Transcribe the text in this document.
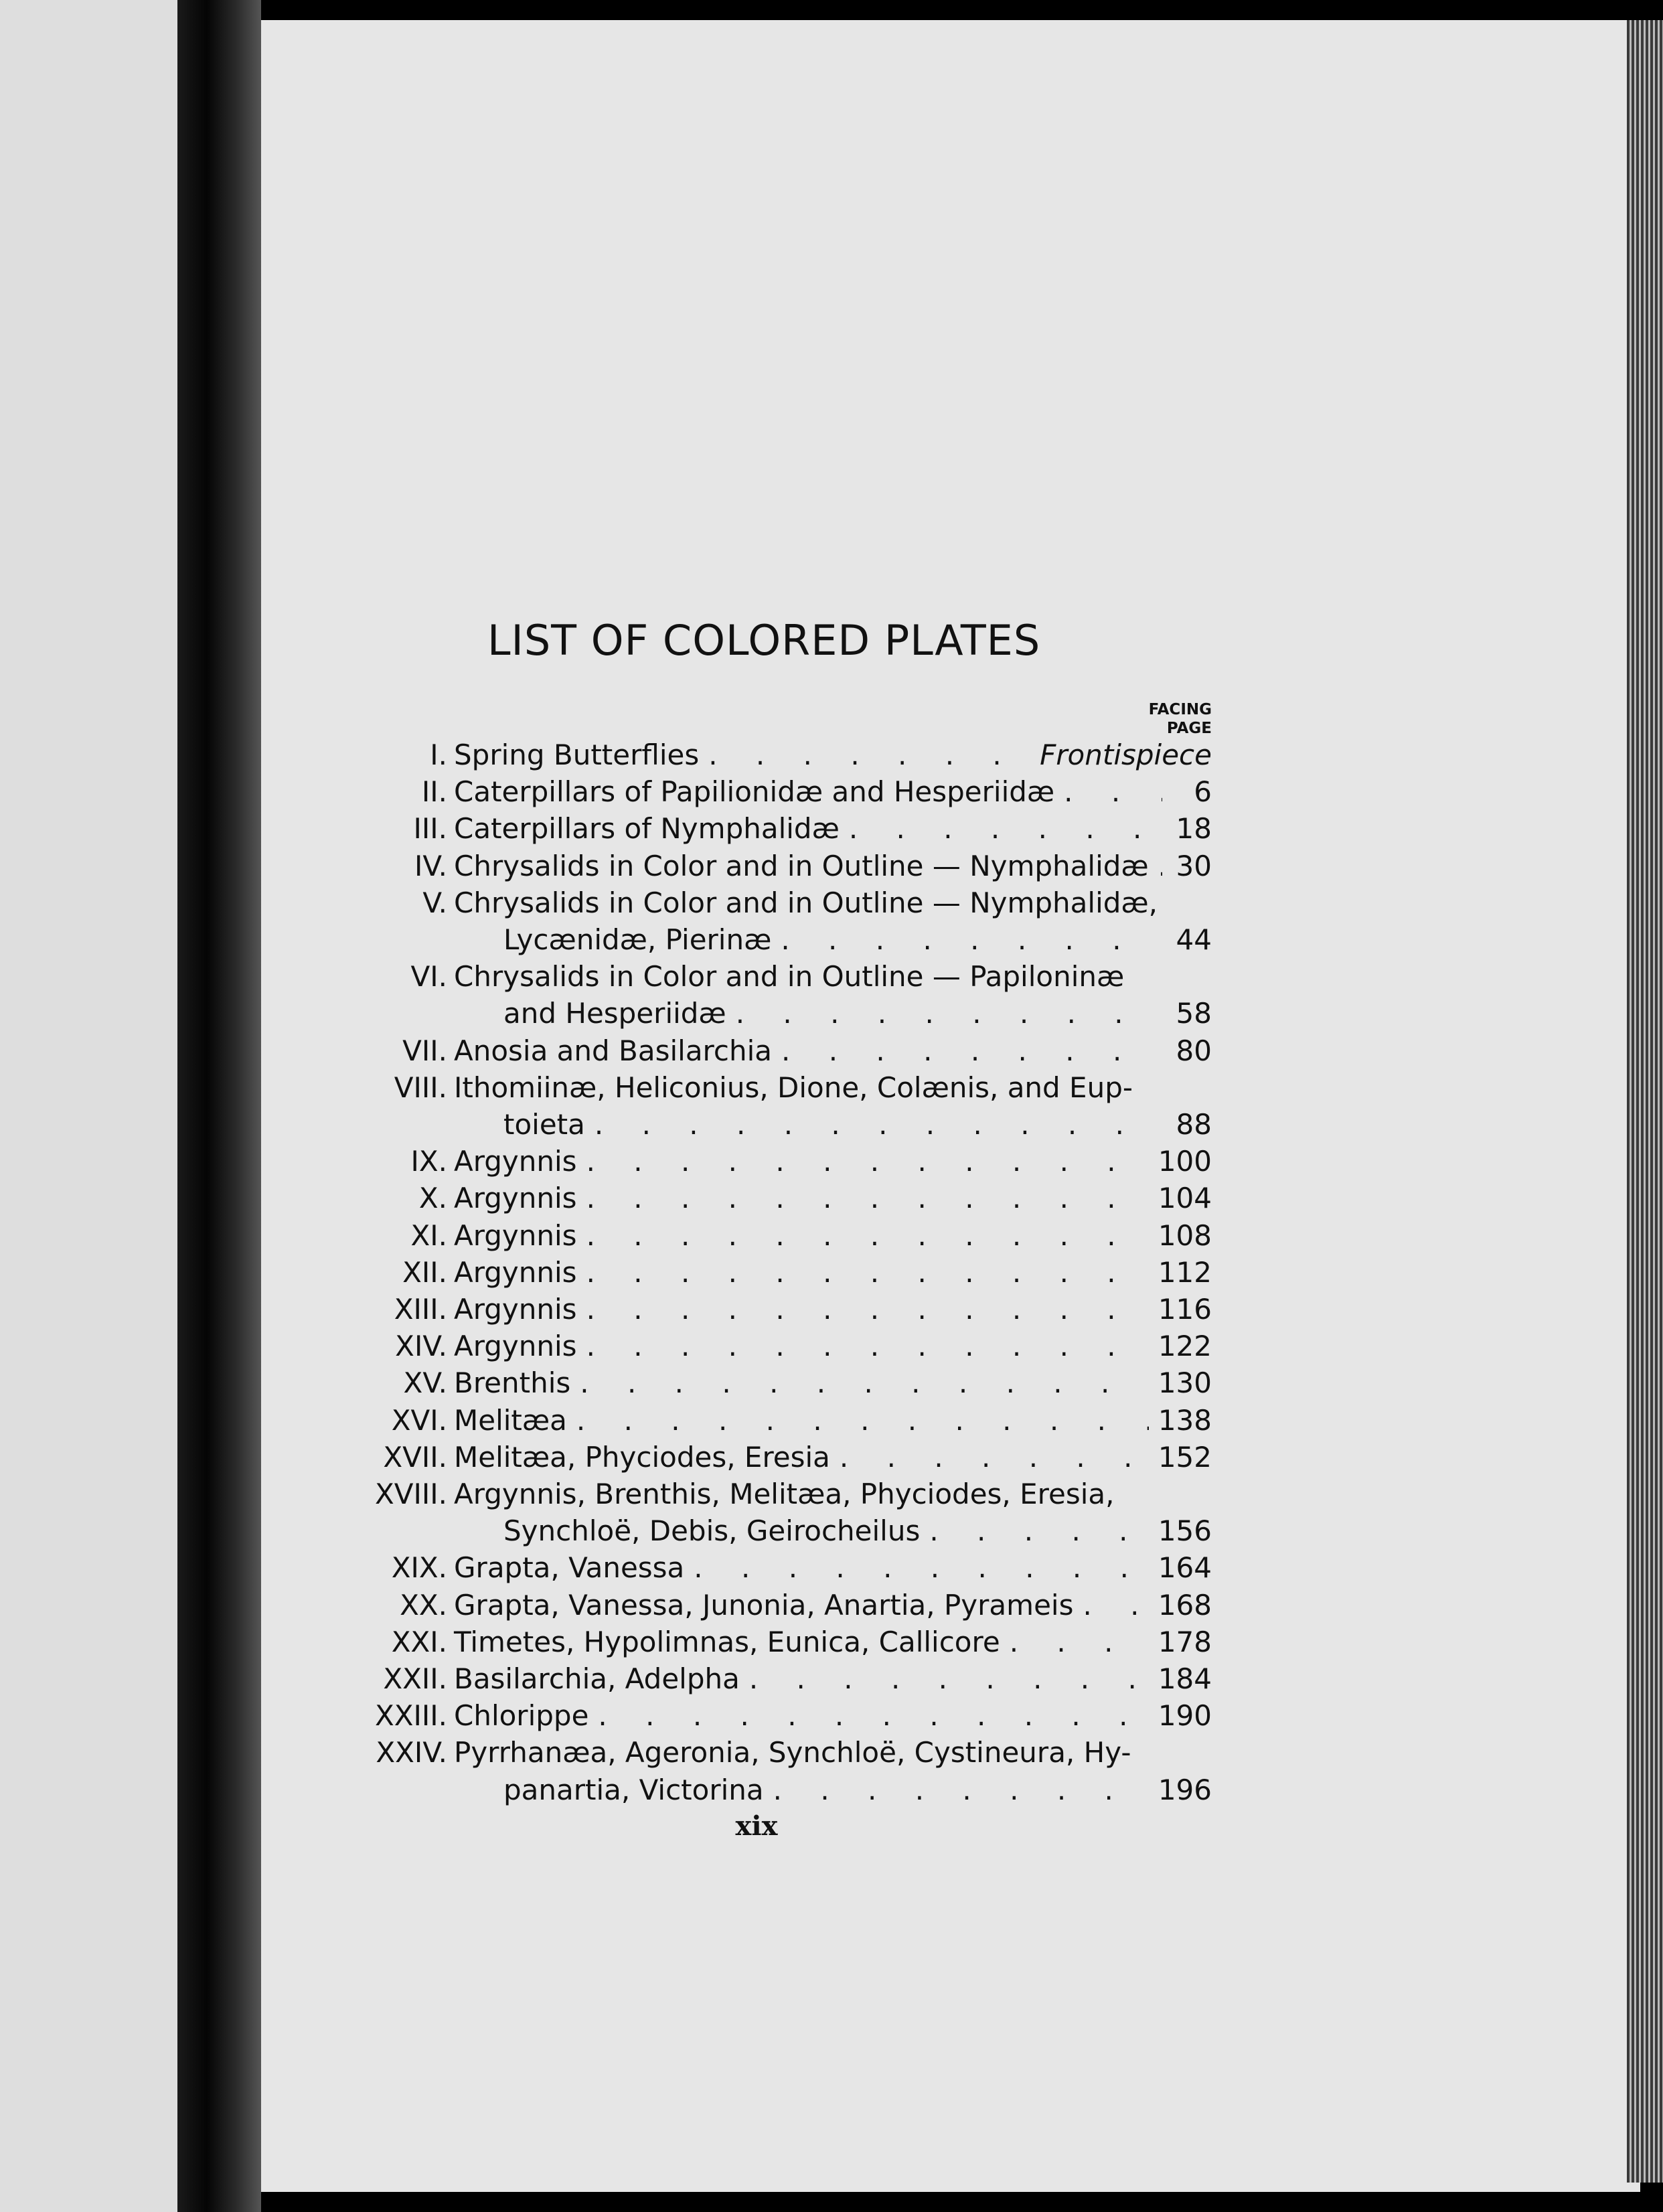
LIST OF COLORED PLATES
FACING
PAGE
I. Spring Butterflies . . .	Frontispiece
II. Caterpillars of Papilionidæ and Hesperiidæ . . .	6
III. Caterpillars of Nymphalidæ . . .	18
IV. Chrysalids in Color and in Outline — Nymphalidæ . . . 30
V. Chrysalids in Color and in Outline — Nymphalidæ,
Lycænidæ, Pierinæ . . .	44
VI. Chrysalids in Color and in Outline — Papiloninæ
and Hesperiidæ . . .	58
VII. Anosia and Basilarchia . . .	80
VIII. Ithomiinæ, Heliconius, Dione, Colænis, and Eup-
toieta . . .	88
IX. Argynnis . . .	100
X. Argynnis . . .	104
XI. Argynnis . . .	108
XII. Argynnis . . .	112
XIII. Argynnis . . .	116
XIV. Argynnis . . .	122
XV. Brenthis . . .	130
XVI. Melitæa . . .	138
XVII. Melitæa, Phyciodes, Eresia . . .	152
XVIII. Argynnis, Brenthis, Melitæa, Phyciodes, Eresia,
Synchloë, Debis, Geirocheilus . . .	156
XIX. Grapta, Vanessa . . .	164
XX. Grapta, Vanessa, Junonia, Anartia, Pyrameis . . .	168
XXI. Timetes, Hypolimnas, Eunica, Callicore . . .	178
XXII. Basilarchia, Adelpha . . .	184
XXIII. Chlorippe . . .	190
XXIV. Pyrrhanæa, Ageronia, Synchloë, Cystineura, Hy-
panartia, Victorina . . .	196
xix
